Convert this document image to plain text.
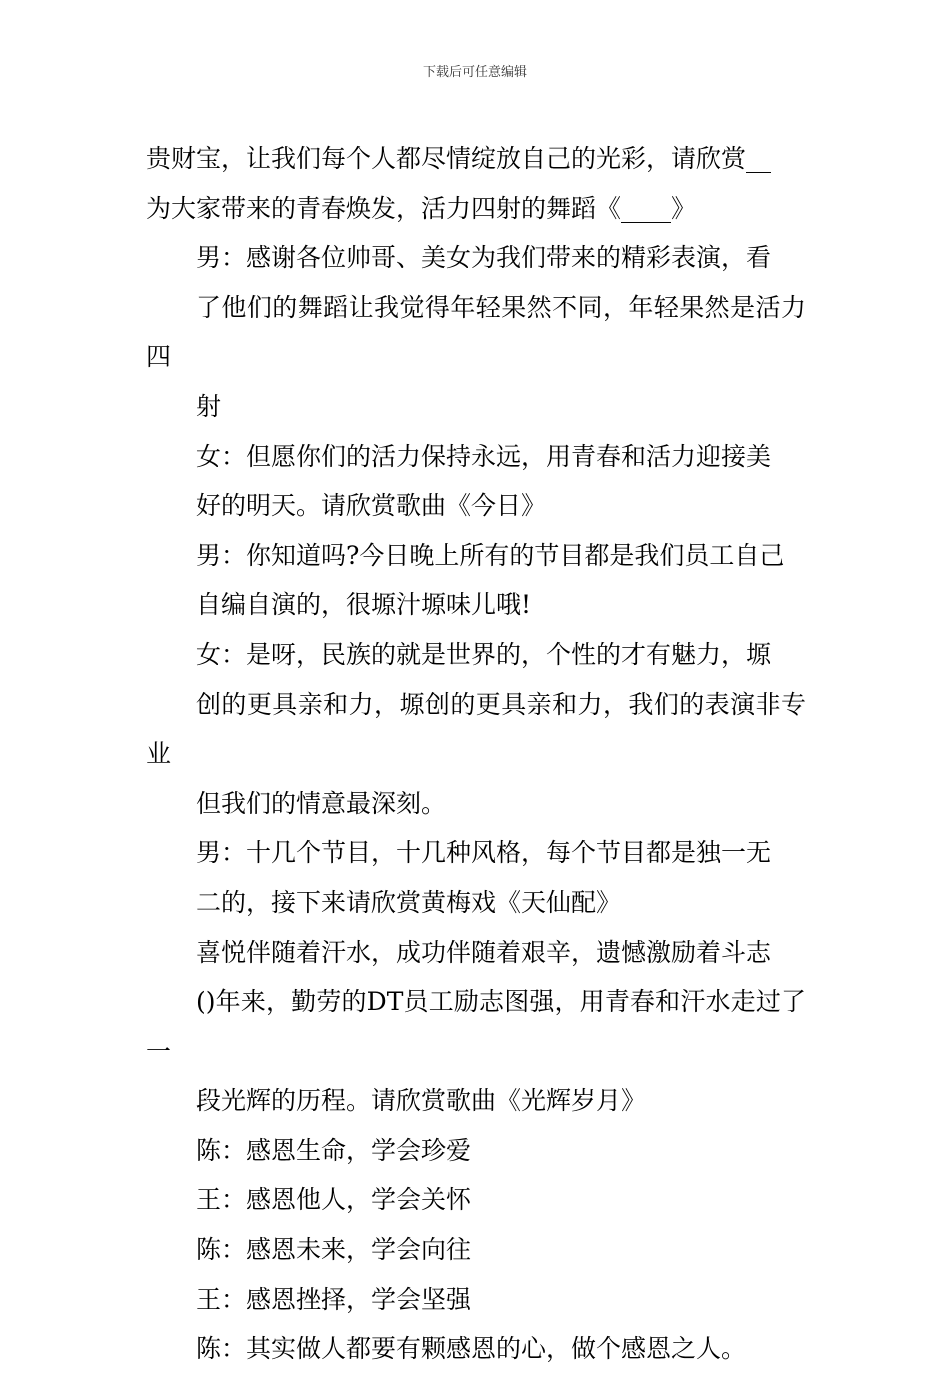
下载后可任意编辑

贵财宝，让我们每个人都尽情绽放自己的光彩，请欣赏__
为大家带来的青春焕发，活力四射的舞蹈《____》

男：感谢各位帅哥、美女为我们带来的精彩表演，看
了他们的舞蹈让我觉得年轻果然不同，年轻果然是活力四
射

女：但愿你们的活力保持永远，用青春和活力迎接美
好的明天。请欣赏歌曲《今日》

男：你知道吗?今日晚上所有的节目都是我们员工自己
自编自演的，很塬汁塬味儿哦!

女：是呀，民族的就是世界的，个性的才有魅力，塬
创的更具亲和力，塬创的更具亲和力，我们的表演非专业
但我们的情意最深刻。

男：十几个节目，十几种风格，每个节目都是独一无
二的，接下来请欣赏黄梅戏《天仙配》

喜悦伴随着汗水，成功伴随着艰辛，遗憾激励着斗志
()年来，勤劳的DT员工励志图强，用青春和汗水走过了一
段光辉的历程。请欣赏歌曲《光辉岁月》

陈：感恩生命，学会珍爱

王：感恩他人，学会关怀

陈：感恩未来，学会向往

王：感恩挫择，学会坚强

陈：其实做人都要有颗感恩的心，做个感恩之人。
